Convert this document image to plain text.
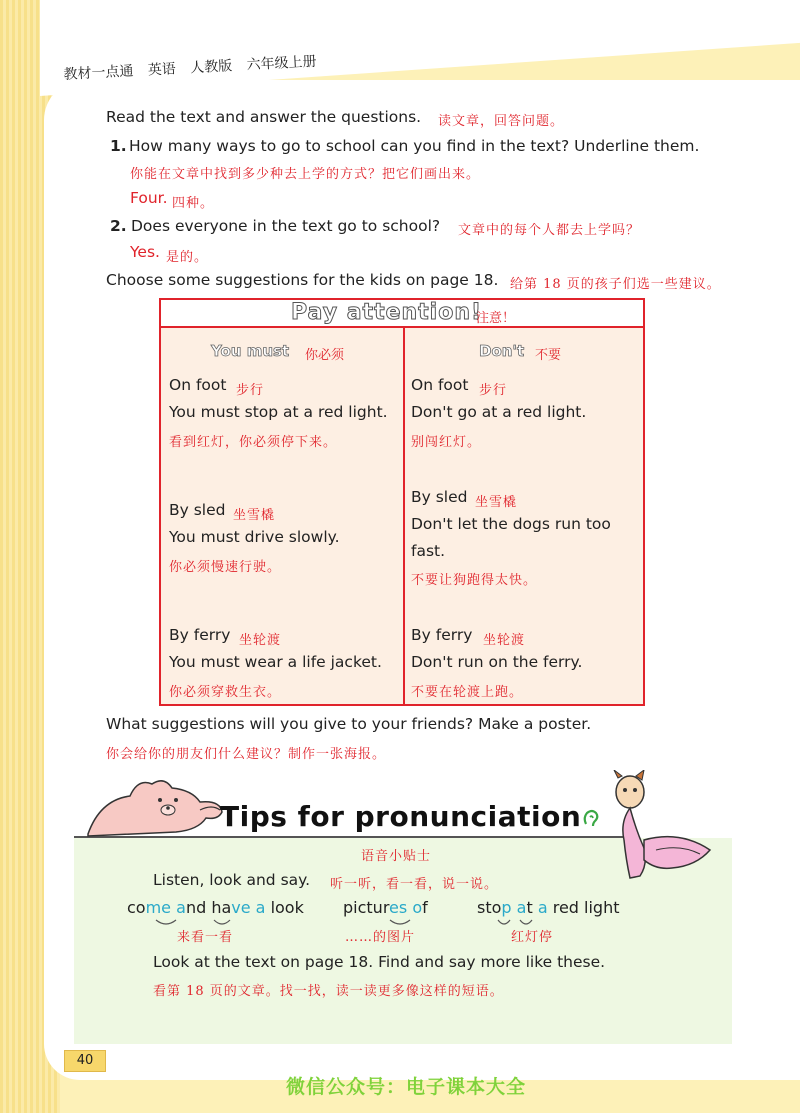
教材一点通 英语 人教版 六年级上册
Read the text and answer the questions. 读文章，回答问题。
1. How many ways to go to school can you find in the text? Underline them.
你能在文章中找到多少种去上学的方式？把它们画出来。
Four. 四种。
2. Does everyone in the text go to school? 文章中的每个人都去上学吗？
Yes. 是的。
Choose some suggestions for the kids on page 18. 给第 18 页的孩子们选一些建议。
Pay attention!
注意！
You must 你必须	Don't 不要
On foot 步行
You must stop at a red light.
看到红灯，你必须停下来。
On foot 步行
Don't go at a red light.
别闯红灯。
By sled 坐雪橇
You must drive slowly.
你必须慢速行驶。
By sled 坐雪橇
Don't let the dogs run too
fast.
不要让狗跑得太快。
By ferry 坐轮渡
You must wear a life jacket.
你必须穿救生衣。
By ferry 坐轮渡
Don't run on the ferry.
不要在轮渡上跑。
What suggestions will you give to your friends? Make a poster.
你会给你的朋友们什么建议？制作一张海报。
Tips for pronunciation
语音小贴士
Listen, look and say. 听一听，看一看，说一说。
come and have a look
来看一看
pictures of
……的图片
stop at a red light
红灯停
Look at the text on page 18. Find and say more like these.
看第 18 页的文章。找一找，读一读更多像这样的短语。
40
微信公众号：电子课本大全
